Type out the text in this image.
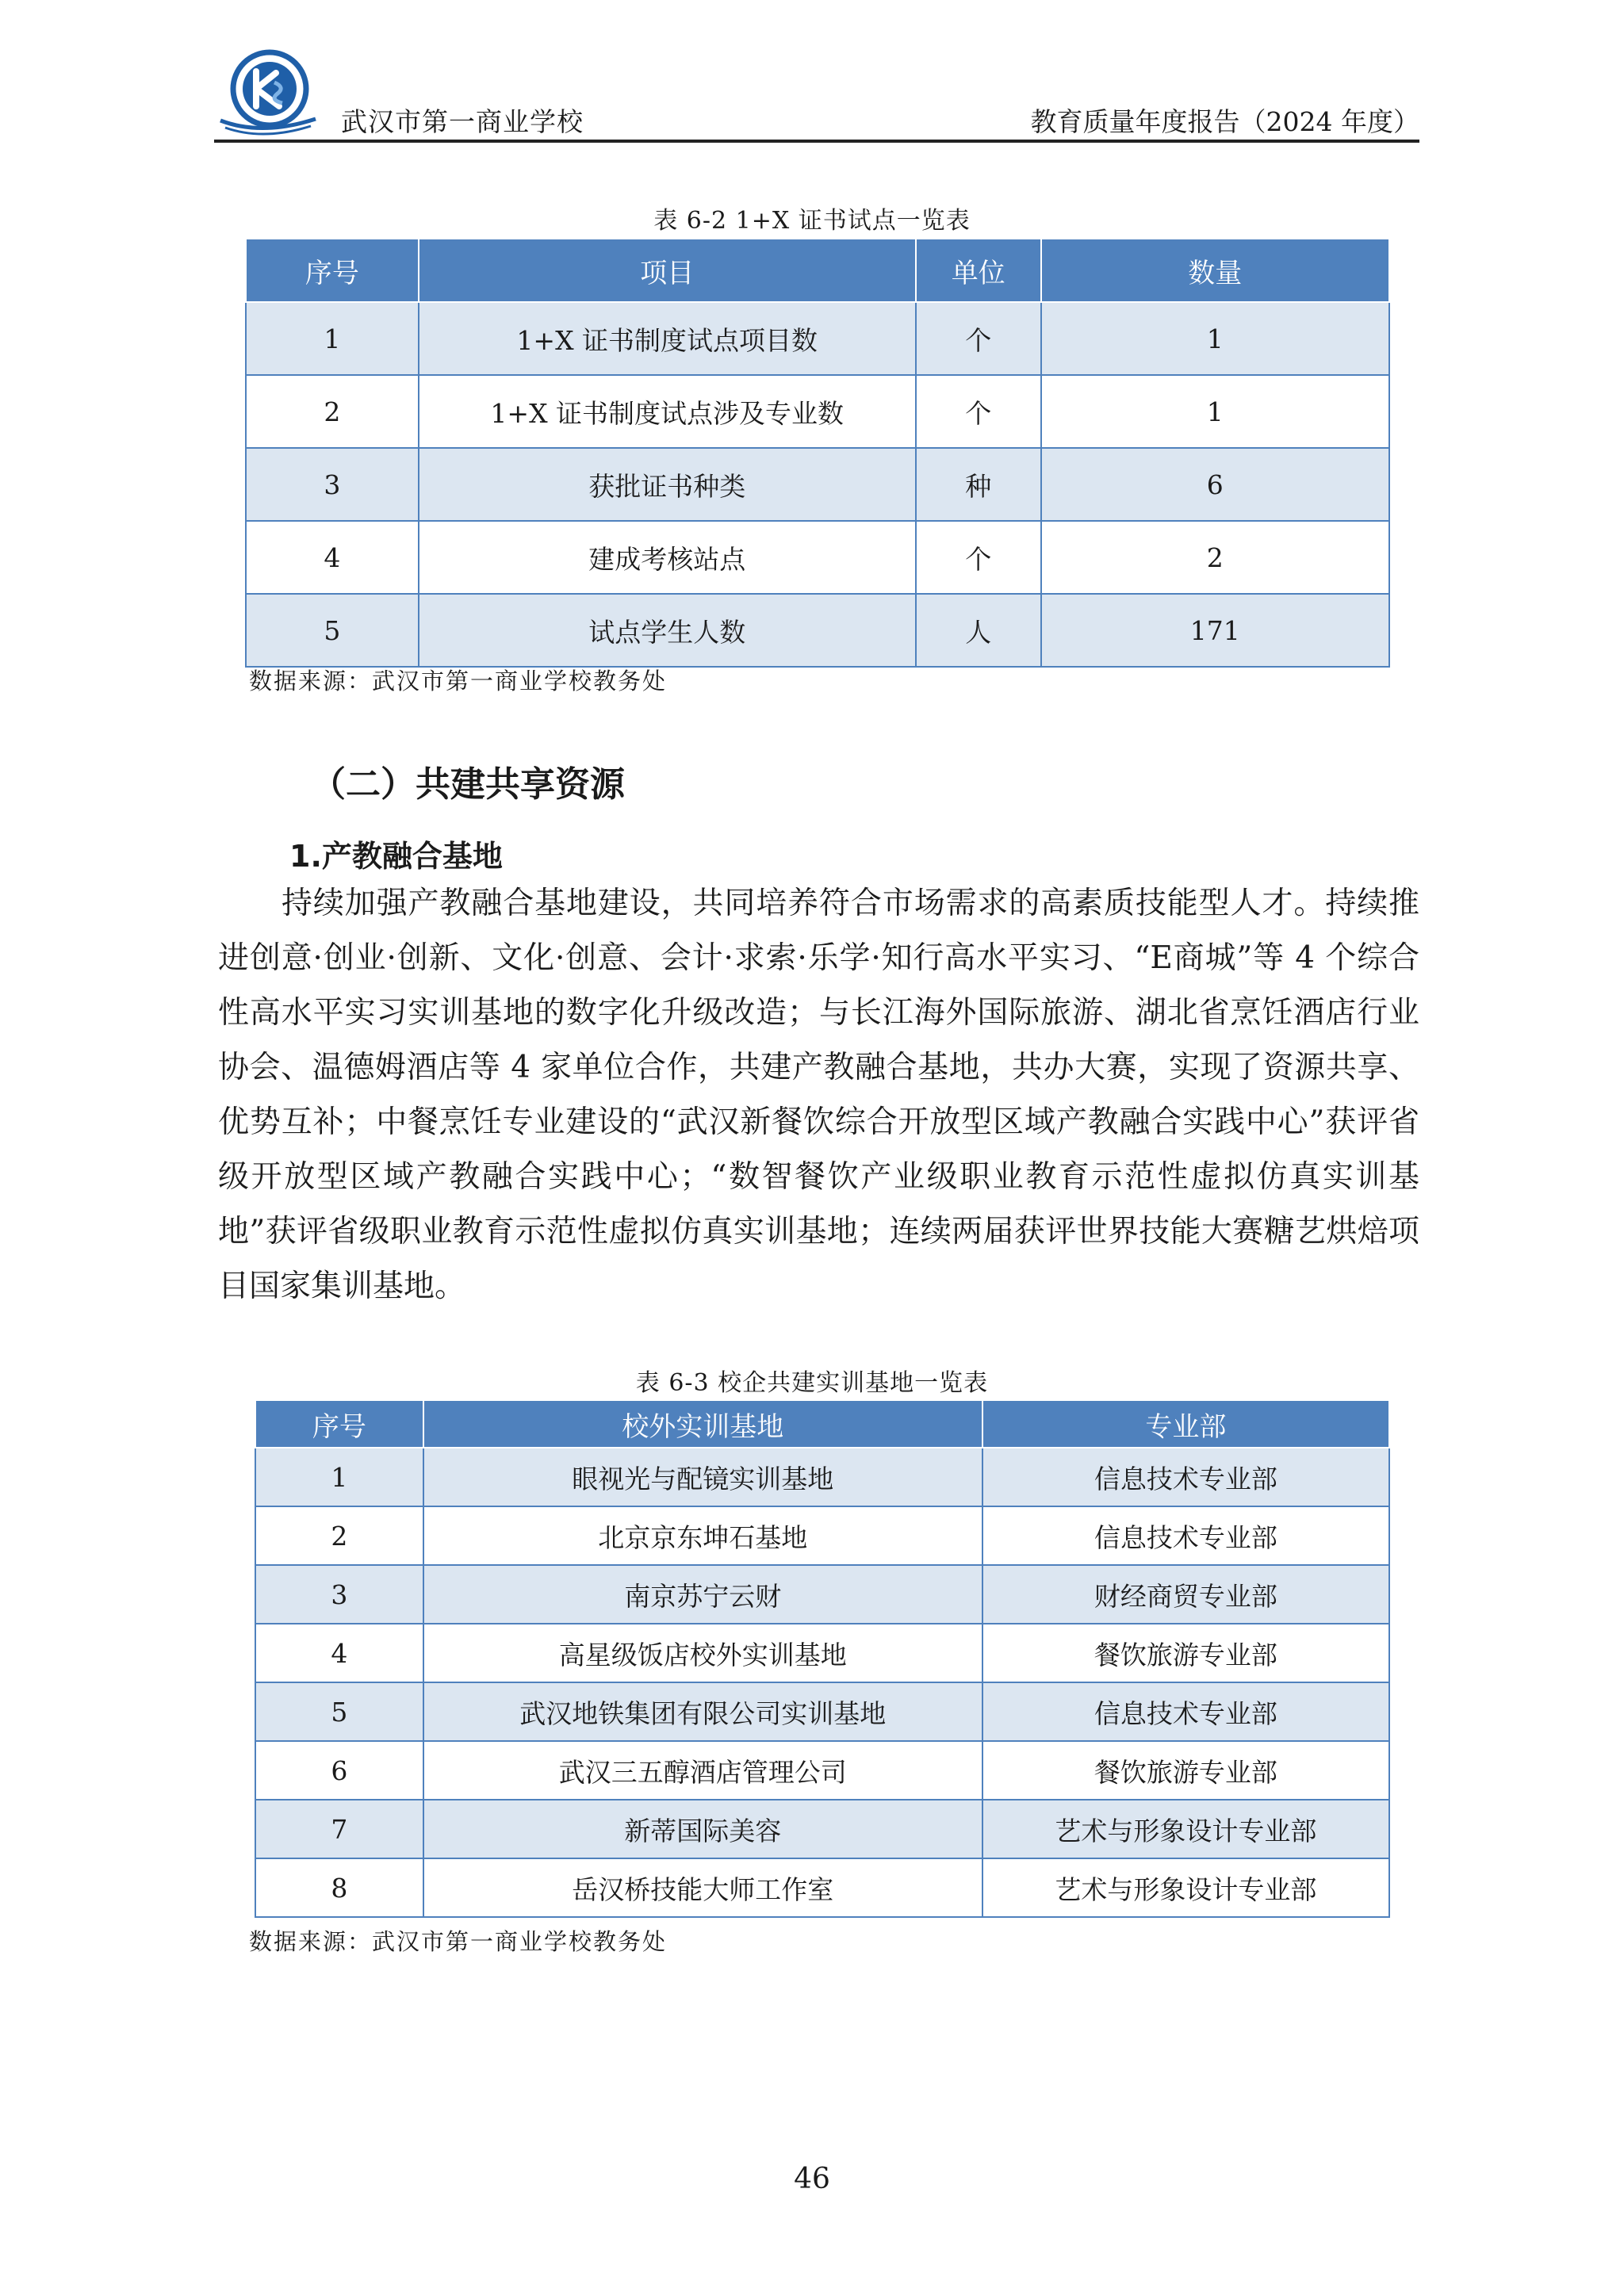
武汉市第一商业学校	教育质量年度报告（2024 年度）
表 6-2 1+X 证书试点一览表
序号	项目	单位	数量
1	1+X 证书制度试点项目数	个	1
2	1+X 证书制度试点涉及专业数	个	1
3	获批证书种类	种	6
4	建成考核站点	个	2
5	试点学生人数	人	171
数据来源：武汉市第一商业学校教务处
（二）共建共享资源
1.产教融合基地
持续加强产教融合基地建设，共同培养符合市场需求的高素质技能型人才。持续推进创意·创业·创新、文化·创意、会计·求索·乐学·知行高水平实习、“E商城”等 4 个综合性高水平实习实训基地的数字化升级改造；与长江海外国际旅游、湖北省烹饪酒店行业协会、温德姆酒店等 4 家单位合作，共建产教融合基地，共办大赛，实现了资源共享、优势互补；中餐烹饪专业建设的“武汉新餐饮综合开放型区域产教融合实践中心”获评省级开放型区域产教融合实践中心；“数智餐饮产业级职业教育示范性虚拟仿真实训基地”获评省级职业教育示范性虚拟仿真实训基地；连续两届获评世界技能大赛糖艺烘焙项目国家集训基地。
表 6-3 校企共建实训基地一览表
序号	校外实训基地	专业部
1	眼视光与配镜实训基地	信息技术专业部
2	北京京东坤石基地	信息技术专业部
3	南京苏宁云财	财经商贸专业部
4	高星级饭店校外实训基地	餐饮旅游专业部
5	武汉地铁集团有限公司实训基地	信息技术专业部
6	武汉三五醇酒店管理公司	餐饮旅游专业部
7	新蒂国际美容	艺术与形象设计专业部
8	岳汉桥技能大师工作室	艺术与形象设计专业部
数据来源：武汉市第一商业学校教务处
46
